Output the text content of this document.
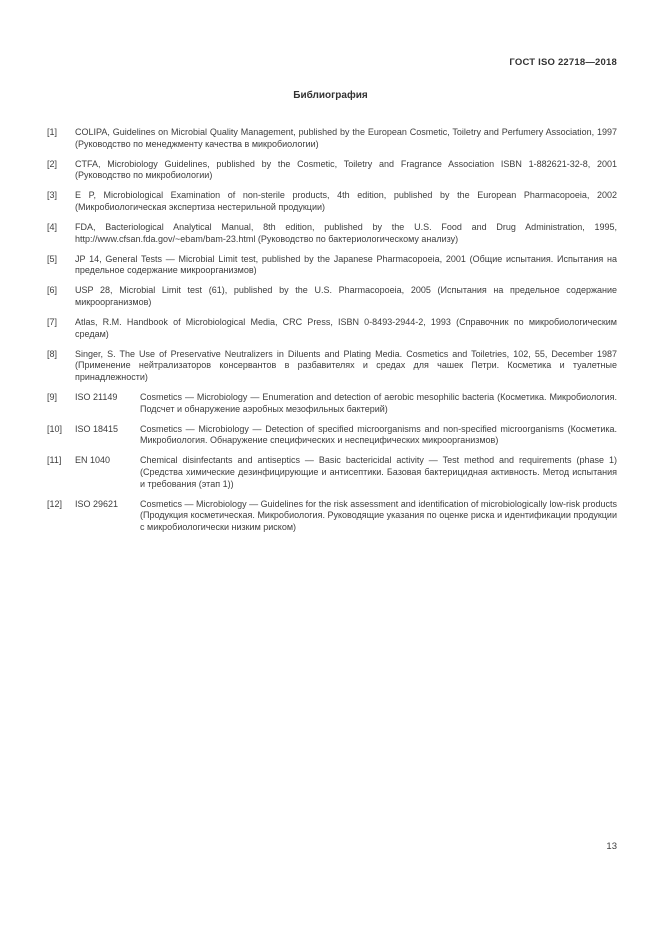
ГОСТ ISO 22718—2018
Библиография
[1]	COLIPA, Guidelines on Microbial Quality Management, published by the European Cosmetic, Toiletry and Perfumery Association, 1997 (Руководство по менеджменту качества в микробиологии)
[2]	CTFA, Microbiology Guidelines, published by the Cosmetic, Toiletry and Fragrance Association ISBN 1-882621-32-8, 2001 (Руководство по микробиологии)
[3]	E P, Microbiological Examination of non-sterile products, 4th edition, published by the European Pharmacopoeia, 2002 (Микробиологическая экспертиза нестерильной продукции)
[4]	FDA, Bacteriological Analytical Manual, 8th edition, published by the U.S. Food and Drug Administration, 1995, http://www.cfsan.fda.gov/~ebam/bam-23.html (Руководство по бактериологическому анализу)
[5]	JP 14, General Tests — Microbial Limit test, published by the Japanese Pharmacopoeia, 2001 (Общие испытания. Испытания на предельное содержание микроорганизмов)
[6]	USP 28, Microbial Limit test (61), published by the U.S. Pharmacopoeia, 2005 (Испытания на предельное содержание микроорганизмов)
[7]	Atlas, R.M. Handbook of Microbiological Media, CRC Press, ISBN 0-8493-2944-2, 1993 (Справочник по микробиологическим средам)
[8]	Singer, S. The Use of Preservative Neutralizers in Diluents and Plating Media. Cosmetics and Toiletries, 102, 55, December 1987 (Применение нейтрализаторов консервантов в разбавителях и средах для чашек Петри. Косметика и туалетные принадлежности)
[9]	ISO 21149	Cosmetics — Microbiology — Enumeration and detection of aerobic mesophilic bacteria (Косметика. Микробиология. Подсчет и обнаружение аэробных мезофильных бактерий)
[10]	ISO 18415	Cosmetics — Microbiology — Detection of specified microorganisms and non-specified microorganisms (Косметика. Микробиология. Обнаружение специфических и неспецифических микроорганизмов)
[11]	EN 1040	Chemical disinfectants and antiseptics — Basic bactericidal activity — Test method and requirements (phase 1) (Средства химические дезинфицирующие и антисептики. Базовая бактерицидная активность. Метод испытания и требования (этап 1))
[12]	ISO 29621	Cosmetics — Microbiology — Guidelines for the risk assessment and identification of microbiologically low-risk products (Продукция косметическая. Микробиология. Руководящие указания по оценке риска и идентификации продукции с микробиологически низким риском)
13
